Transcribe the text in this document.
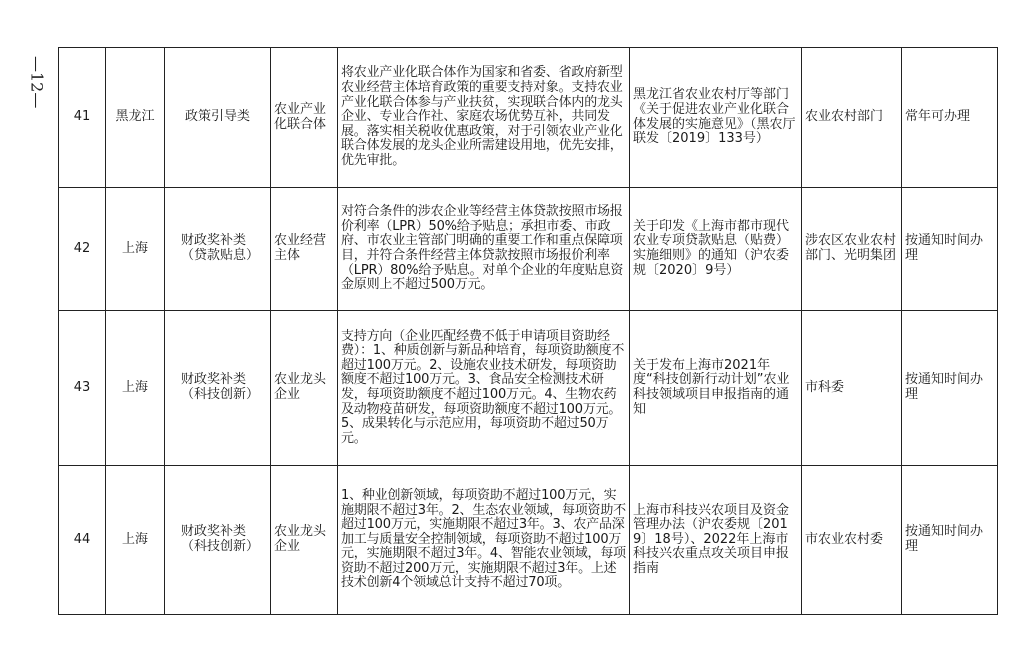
—12—
41	黑龙江	政策引导类	农业产业化联合体	将农业产业化联合体作为国家和省委、省政府新型农业经营主体培育政策的重要支持对象。支持农业产业化联合体参与产业扶贫，实现联合体内的龙头企业、专业合作社、家庭农场优势互补，共同发展。落实相关税收优惠政策，对于引领农业产业化联合体发展的龙头企业所需建设用地，优先安排，优先审批。	黑龙江省农业农村厅等部门《关于促进农业产业化联合体发展的实施意见》（黑农厅联发〔2019〕133号）	农业农村部门	常年可办理
42	上海	财政奖补类（贷款贴息）	农业经营主体	对符合条件的涉农企业等经营主体贷款按照市场报价利率（LPR）50%给予贴息；承担市委、市政府、市农业主管部门明确的重要工作和重点保障项目，并符合条件经营主体贷款按照市场报价利率（LPR）80%给予贴息。对单个企业的年度贴息资金原则上不超过500万元。	关于印发《上海市都市现代农业专项贷款贴息（贴费）实施细则》的通知（沪农委规〔2020〕9号）	涉农区农业农村部门、光明集团	按通知时间办理
43	上海	财政奖补类（科技创新）	农业龙头企业	支持方向（企业匹配经费不低于申请项目资助经费）：1、种质创新与新品种培育，每项资助额度不超过100万元。2、设施农业技术研发，每项资助额度不超过100万元。3、食品安全检测技术研发，每项资助额度不超过100万元。4、生物农药及动物疫苗研发，每项资助额度不超过100万元。5、成果转化与示范应用，每项资助不超过50万元。	关于发布上海市2021年度“科技创新行动计划”农业科技领域项目申报指南的通知	市科委	按通知时间办理
44	上海	财政奖补类（科技创新）	农业龙头企业	1、种业创新领域，每项资助不超过100万元，实施期限不超过3年。2、生态农业领域，每项资助不超过100万元，实施期限不超过3年。3、农产品深加工与质量安全控制领域，每项资助不超过100万元，实施期限不超过3年。4、智能农业领域，每项资助不超过200万元，实施期限不超过3年。上述技术创新4个领域总计支持不超过70项。	上海市科技兴农项目及资金管理办法（沪农委规〔2019〕18号）、2022年上海市科技兴农重点攻关项目申报指南	市农业农村委	按通知时间办理
